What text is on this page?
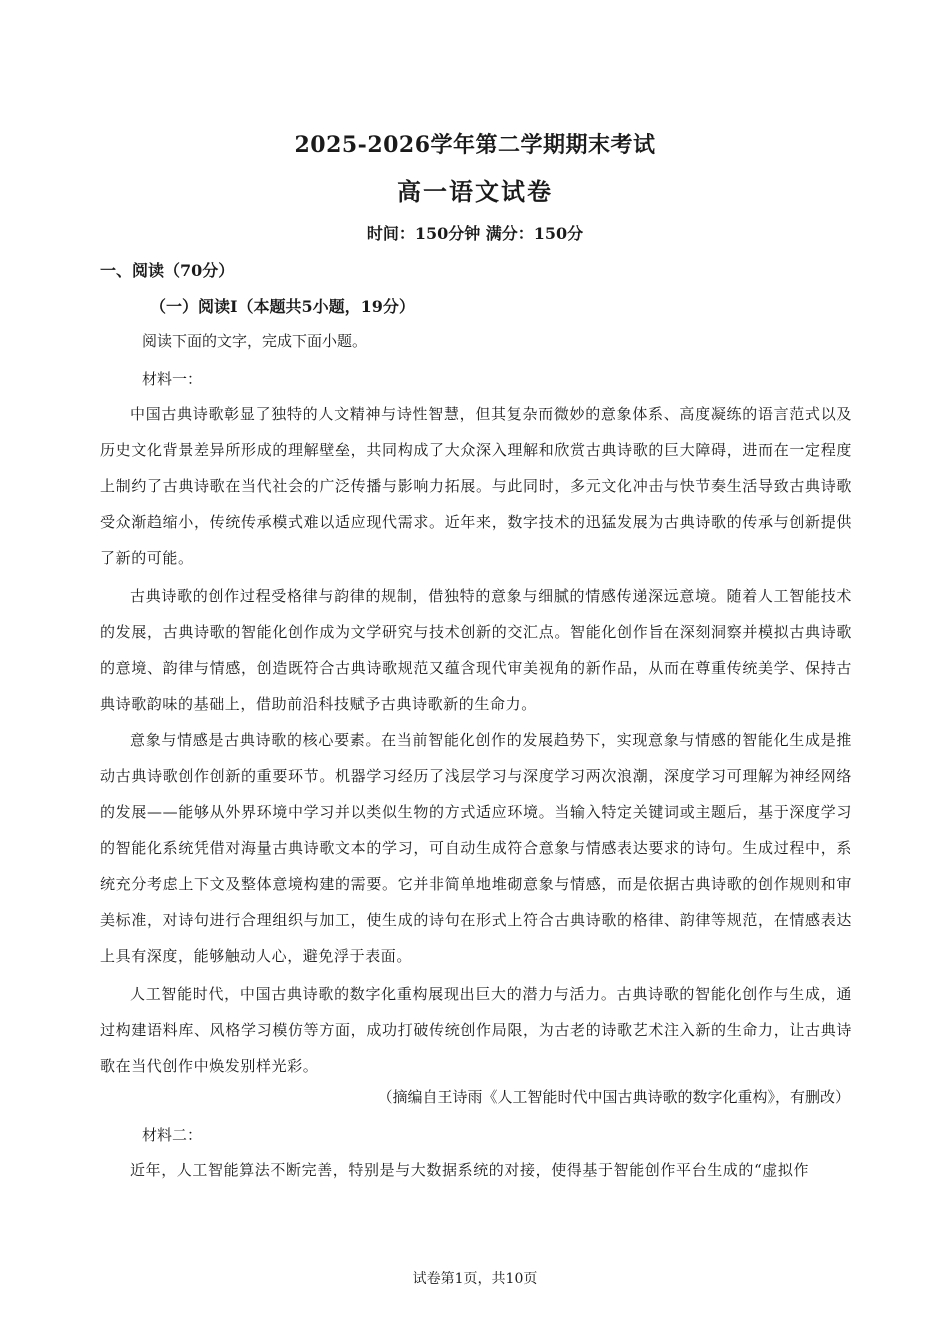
2025-2026学年第二学期期末考试
高一语文试卷
时间：150分钟 满分：150分
一、阅读（70分）
（一）阅读I（本题共5小题，19分）
阅读下面的文字，完成下面小题。
材料一：
中国古典诗歌彰显了独特的人文精神与诗性智慧，但其复杂而微妙的意象体系、高度凝练的语言范式以及历史文化背景差异所形成的理解壁垒，共同构成了大众深入理解和欣赏古典诗歌的巨大障碍，进而在一定程度上制约了古典诗歌在当代社会的广泛传播与影响力拓展。与此同时，多元文化冲击与快节奏生活导致古典诗歌受众渐趋缩小，传统传承模式难以适应现代需求。近年来，数字技术的迅猛发展为古典诗歌的传承与创新提供了新的可能。
古典诗歌的创作过程受格律与韵律的规制，借独特的意象与细腻的情感传递深远意境。随着人工智能技术的发展，古典诗歌的智能化创作成为文学研究与技术创新的交汇点。智能化创作旨在深刻洞察并模拟古典诗歌的意境、韵律与情感，创造既符合古典诗歌规范又蕴含现代审美视角的新作品，从而在尊重传统美学、保持古典诗歌韵味的基础上，借助前沿科技赋予古典诗歌新的生命力。
意象与情感是古典诗歌的核心要素。在当前智能化创作的发展趋势下，实现意象与情感的智能化生成是推动古典诗歌创作创新的重要环节。机器学习经历了浅层学习与深度学习两次浪潮，深度学习可理解为神经网络的发展——能够从外界环境中学习并以类似生物的方式适应环境。当输入特定关键词或主题后，基于深度学习的智能化系统凭借对海量古典诗歌文本的学习，可自动生成符合意象与情感表达要求的诗句。生成过程中，系统充分考虑上下文及整体意境构建的需要。它并非简单地堆砌意象与情感，而是依据古典诗歌的创作规则和审美标准，对诗句进行合理组织与加工，使生成的诗句在形式上符合古典诗歌的格律、韵律等规范，在情感表达上具有深度，能够触动人心，避免浮于表面。
人工智能时代，中国古典诗歌的数字化重构展现出巨大的潜力与活力。古典诗歌的智能化创作与生成，通过构建语料库、风格学习模仿等方面，成功打破传统创作局限，为古老的诗歌艺术注入新的生命力，让古典诗歌在当代创作中焕发别样光彩。
（摘编自王诗雨《人工智能时代中国古典诗歌的数字化重构》，有删改）
材料二：
近年，人工智能算法不断完善，特别是与大数据系统的对接，使得基于智能创作平台生成的“虚拟作
试卷第1页，共10页
